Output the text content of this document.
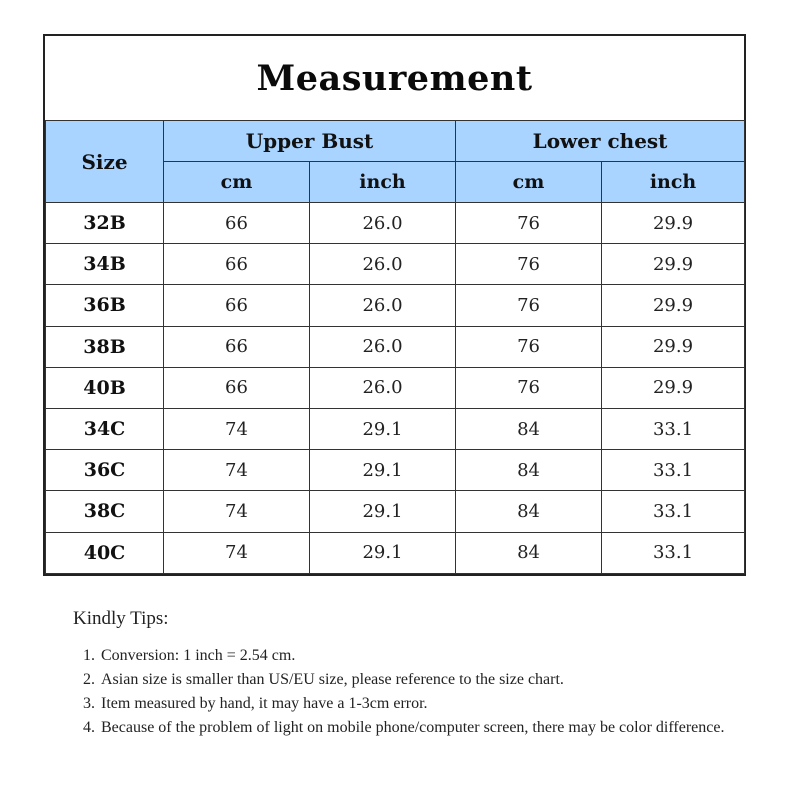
Measurement
Size	Upper Bust		Lower chest	
	cm	inch	cm	inch
32B	66	26.0	76	29.9
34B	66	26.0	76	29.9
36B	66	26.0	76	29.9
38B	66	26.0	76	29.9
40B	66	26.0	76	29.9
34C	74	29.1	84	33.1
36C	74	29.1	84	33.1
38C	74	29.1	84	33.1
40C	74	29.1	84	33.1
Kindly Tips:
1. Conversion: 1 inch = 2.54 cm.
2. Asian size is smaller than US/EU size, please reference to the size chart.
3. Item measured by hand, it may have a 1-3cm error.
4. Because of the problem of light on mobile phone/computer screen, there may be color difference.
